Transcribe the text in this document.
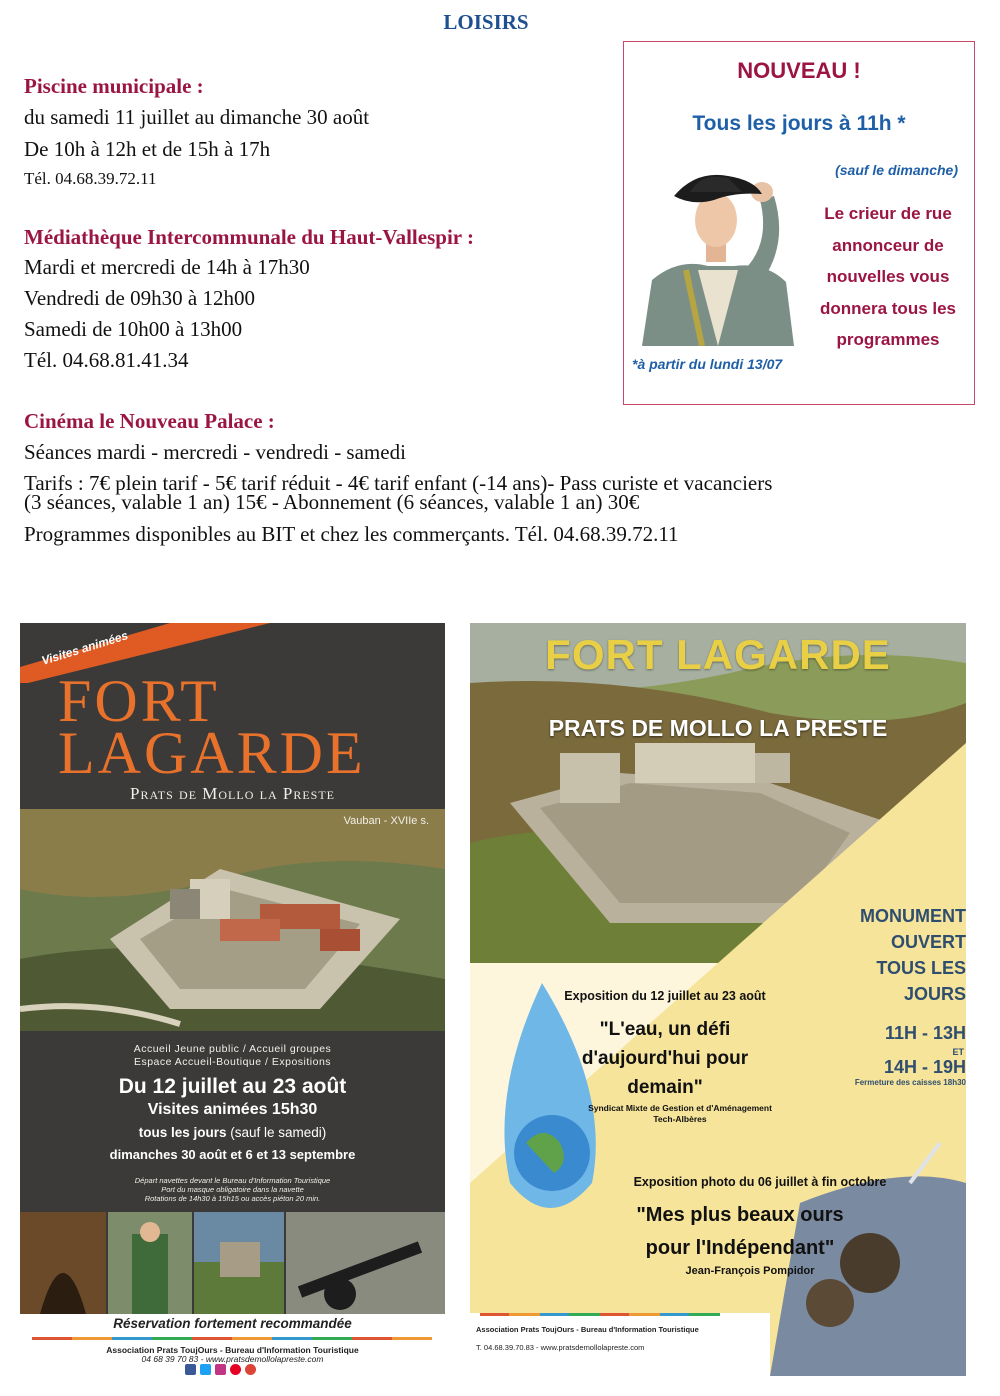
LOISIRS
Piscine municipale :
du samedi 11 juillet au dimanche 30 août
De 10h à 12h et de 15h à 17h
Tél. 04.68.39.72.11
Médiathèque Intercommunale du Haut-Vallespir :
Mardi et mercredi de 14h à 17h30
Vendredi de 09h30 à 12h00
Samedi de 10h00 à 13h00
Tél. 04.68.81.41.34
Cinéma le Nouveau Palace :
Séances mardi - mercredi - vendredi - samedi
Tarifs : 7€ plein tarif - 5€ tarif réduit - 4€ tarif enfant (-14 ans)- Pass curiste et vacanciers
(3 séances, valable 1 an) 15€ - Abonnement (6 séances, valable 1 an) 30€
Programmes disponibles au BIT et chez les commerçants. Tél. 04.68.39.72.11
NOUVEAU !
Tous les jours à 11h *
(sauf le dimanche)
Le crieur de rue
annonceur de
nouvelles vous
donnera tous les
programmes
*à partir du lundi 13/07
Visites animées
FORT
LAGARDE
Prats de Mollo la Preste
Vauban - XVIIe s.
Accueil Jeune public / Accueil groupes
Espace Accueil-Boutique / Expositions
Du 12 juillet au 23 août
Visites animées 15h30
tous les jours (sauf le samedi)
dimanches 30 août et 6 et 13 septembre
Départ navettes devant le Bureau d'Information Touristique
Port du masque obligatoire dans la navette
Rotations de 14h30 à 15h15 ou accès piéton 20 min.
Réservation fortement recommandée
Association Prats ToujOurs - Bureau d'Information Touristique
04 68 39 70 83 - www.pratsdemollolapreste.com
FORT LAGARDE
PRATS DE MOLLO LA PRESTE
MONUMENT
OUVERT
TOUS LES
JOURS
11H - 13H
ET
14H - 19H
Fermeture des caisses 18h30
Exposition du 12 juillet au 23 août
"L'eau, un défi
d'aujourd'hui pour
demain"
Syndicat Mixte de Gestion et d'Aménagement
Tech-Albères
Exposition photo du 06 juillet à fin octobre
"Mes plus beaux ours
pour l'Indépendant"
Jean-François Pompidor
Association Prats ToujOurs - Bureau d'Information Touristique
T. 04.68.39.70.83 - www.pratsdemollolapreste.com
